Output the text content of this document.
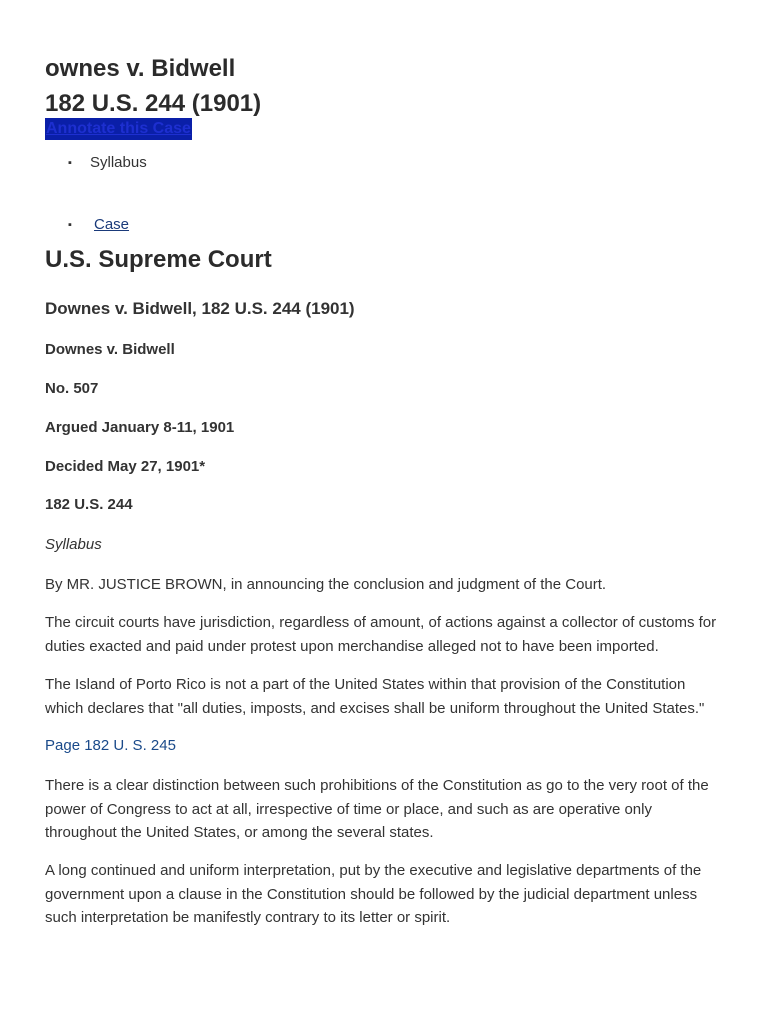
ownes v. Bidwell
182 U.S. 244 (1901)
Annotate this Case
▪ Syllabus
▪ Case
U.S. Supreme Court
Downes v. Bidwell, 182 U.S. 244 (1901)

Downes v. Bidwell

No. 507

Argued January 8-11, 1901

Decided May 27, 1901*

182 U.S. 244

Syllabus

By MR. JUSTICE BROWN, in announcing the conclusion and judgment of the Court.

The circuit courts have jurisdiction, regardless of amount, of actions against a collector of customs for duties exacted and paid under protest upon merchandise alleged not to have been imported.

The Island of Porto Rico is not a part of the United States within that provision of the Constitution which declares that "all duties, imposts, and excises shall be uniform throughout the United States."

Page 182 U. S. 245

There is a clear distinction between such prohibitions of the Constitution as go to the very root of the power of Congress to act at all, irrespective of time or place, and such as are operative only throughout the United States, or among the several states.

A long continued and uniform interpretation, put by the executive and legislative departments of the government upon a clause in the Constitution should be followed by the judicial department unless such interpretation be manifestly contrary to its letter or spirit.
